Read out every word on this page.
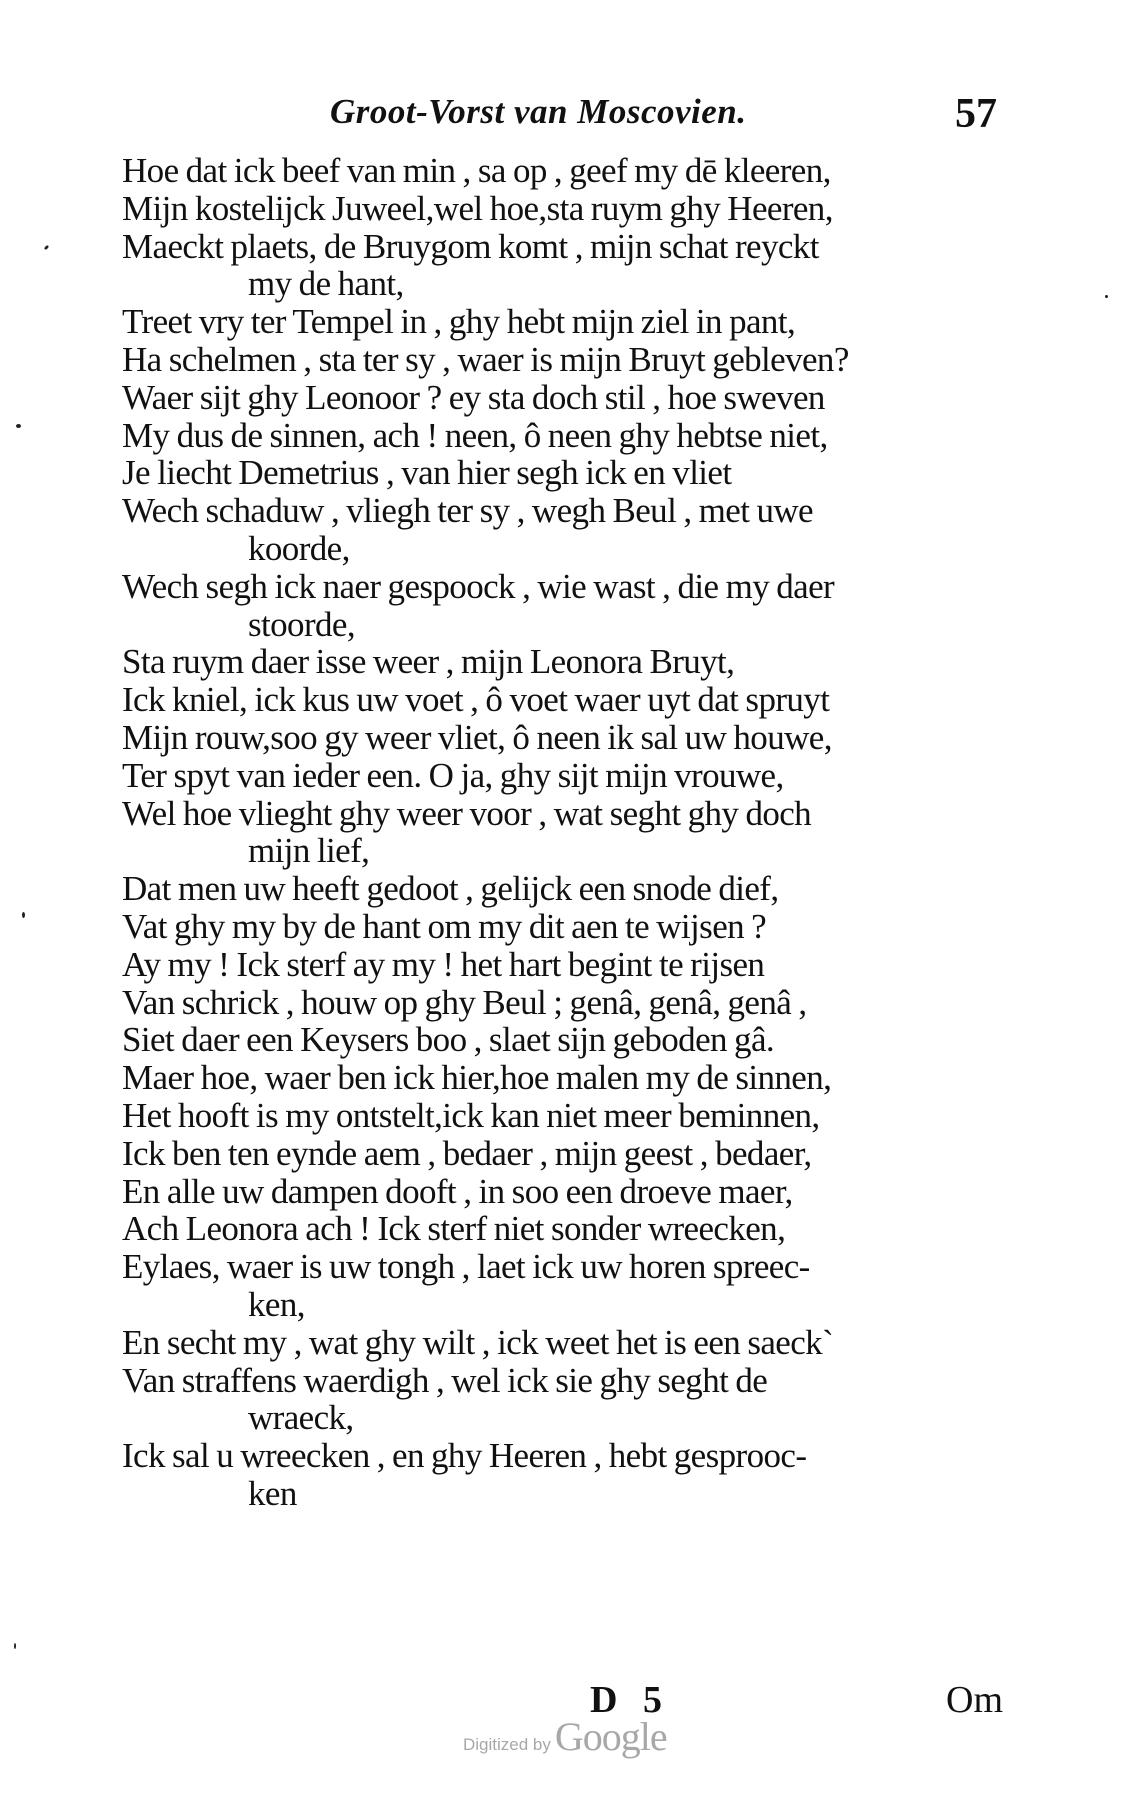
Groot-Vorst van Moscovien.	57
Hoe dat ick beef van min , sa op , geef my dē kleeren,
Mijn kostelijck Juweel,wel hoe,sta ruym ghy Heeren,
Maeckt plaets, de Bruygom komt , mijn schat reyckt
my de hant,
Treet vry ter Tempel in , ghy hebt mijn ziel in pant,
Ha schelmen , sta ter sy , waer is mijn Bruyt gebleven?
Waer sijt ghy Leonoor ? ey sta doch stil , hoe sweven
My dus de sinnen, ach ! neen, ô neen ghy hebtse niet,
Je liecht Demetrius , van hier segh ick en vliet
Wech schaduw , vliegh ter sy , wegh Beul , met uwe
koorde,
Wech segh ick naer gespoock , wie wast , die my daer
stoorde,
Sta ruym daer isse weer , mijn Leonora Bruyt,
Ick kniel, ick kus uw voet , ô voet waer uyt dat spruyt
Mijn rouw,soo gy weer vliet, ô neen ik sal uw houwe,
Ter spyt van ieder een. O ja, ghy sijt mijn vrouwe,
Wel hoe vlieght ghy weer voor , wat seght ghy doch
mijn lief,
Dat men uw heeft gedoot , gelijck een snode dief,
Vat ghy my by de hant om my dit aen te wijsen ?
Ay my ! Ick sterf ay my ! het hart begint te rijsen
Van schrick , houw op ghy Beul ; genâ, genâ, genâ ,
Siet daer een Keysers boo , slaet sijn geboden gâ.
Maer hoe, waer ben ick hier,hoe malen my de sinnen,
Het hooft is my ontstelt,ick kan niet meer beminnen,
Ick ben ten eynde aem , bedaer , mijn geest , bedaer,
En alle uw dampen dooft , in soo een droeve maer,
Ach Leonora ach ! Ick sterf niet sonder wreecken,
Eylaes, waer is uw tongh , laet ick uw horen spreec-
ken,
En secht my , wat ghy wilt , ick weet het is een saeck`
Van straffens waerdigh , wel ick sie ghy seght de
wraeck,
Ick sal u wreecken , en ghy Heeren , hebt gesprooc-
ken
D 5	Om
Digitized by Google
